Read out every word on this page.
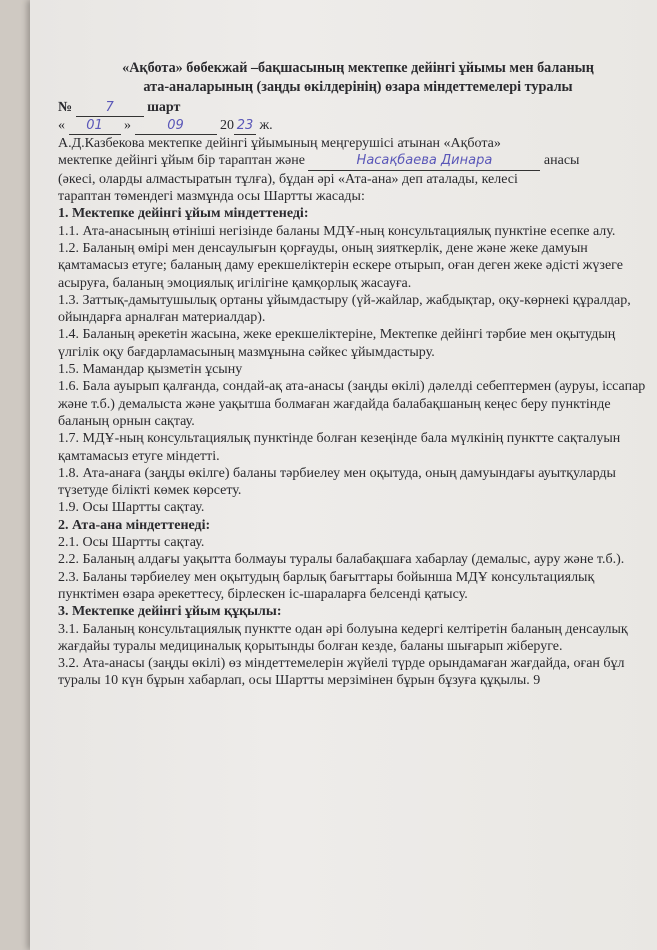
«Ақбота» бөбекжай –бақшасының мектепке дейінгі ұйымы мен баланың

ата-аналарының (заңды өкілдерінің) өзара міндеттемелері туралы

№	7 шарт
« 01 »	09	20 23 ж.

А.Д.Казбекова мектепке дейінгі ұйымының меңгерушісі атынан «Ақбота»

мектепке дейінгі ұйым бір тараптан және	Насақбаева Динара	анасы

(әкесі, оларды алмастыратын тұлға), бұдан әрі «Ата-ана» деп аталады, келесі

тараптан төмендегі мазмұнда осы Шартты жасады:

1. Мектепке дейінгі ұйым міндеттенеді:

1.1. Ата-анасының өтініші негізінде баланы МДҰ-ның консультациялық пунктіне есепке алу.

1.2. Баланың өмірі мен денсаулығын қорғауды, оның зияткерлік, дене және жеке дамуын қамтамасыз етуге; баланың даму ерекшеліктерін ескере отырып, оған деген жеке әдісті жүзеге асыруға, баланың эмоциялық игілігіне қамқорлық жасауға.

1.3. Заттық-дамытушылық ортаны ұйымдастыру (үй-жайлар, жабдықтар, оқу-көрнекі құралдар, ойындарға арналған материалдар).

1.4. Баланың әрекетін жасына, жеке ерекшеліктеріне, Мектепке дейінгі тәрбие мен оқытудың үлгілік оқу бағдарламасының мазмұнына сәйкес ұйымдастыру.

1.5. Мамандар қызметін ұсыну

1.6. Бала ауырып қалғанда, сондай-ақ ата-анасы (заңды өкілі) дәлелді себептермен (ауруы, іссапар және т.б.) демалыста және уақытша болмаған жағдайда балабақшаның кеңес беру пунктінде баланың орнын сақтау.

1.7. МДҰ-ның консультациялық пунктінде болған кезеңінде бала мүлкінің пунктте сақталуын қамтамасыз етуге міндетті.

1.8. Ата-анаға (заңды өкілге) баланы тәрбиелеу мен оқытуда, оның дамуындағы ауытқуларды түзетуде білікті көмек көрсету.

1.9. Осы Шартты сақтау.

2. Ата-ана міндеттенеді:

2.1. Осы Шартты сақтау.

2.2. Баланың алдағы уақытта болмауы туралы балабақшаға хабарлау (демалыс, ауру және т.б.).

2.3. Баланы тәрбиелеу мен оқытудың барлық бағыттары бойынша МДҰ консультациялық пунктімен өзара әрекеттесу, бірлескен іс-шараларға белсенді қатысу.

3. Мектепке дейінгі ұйым құқылы:

3.1. Баланың консультациялық пунктте одан әрі болуына кедергі келтіретін баланың денсаулық жағдайы туралы медициналық қорытынды болған кезде, баланы шығарып жіберуге.

3.2. Ата-анасы (заңды өкілі) өз міндеттемелерін жүйелі түрде орындамаған жағдайда, оған бұл туралы 10 күн бұрын хабарлап, осы Шартты мерзімінен бұрын бұзуға құқылы. 9
